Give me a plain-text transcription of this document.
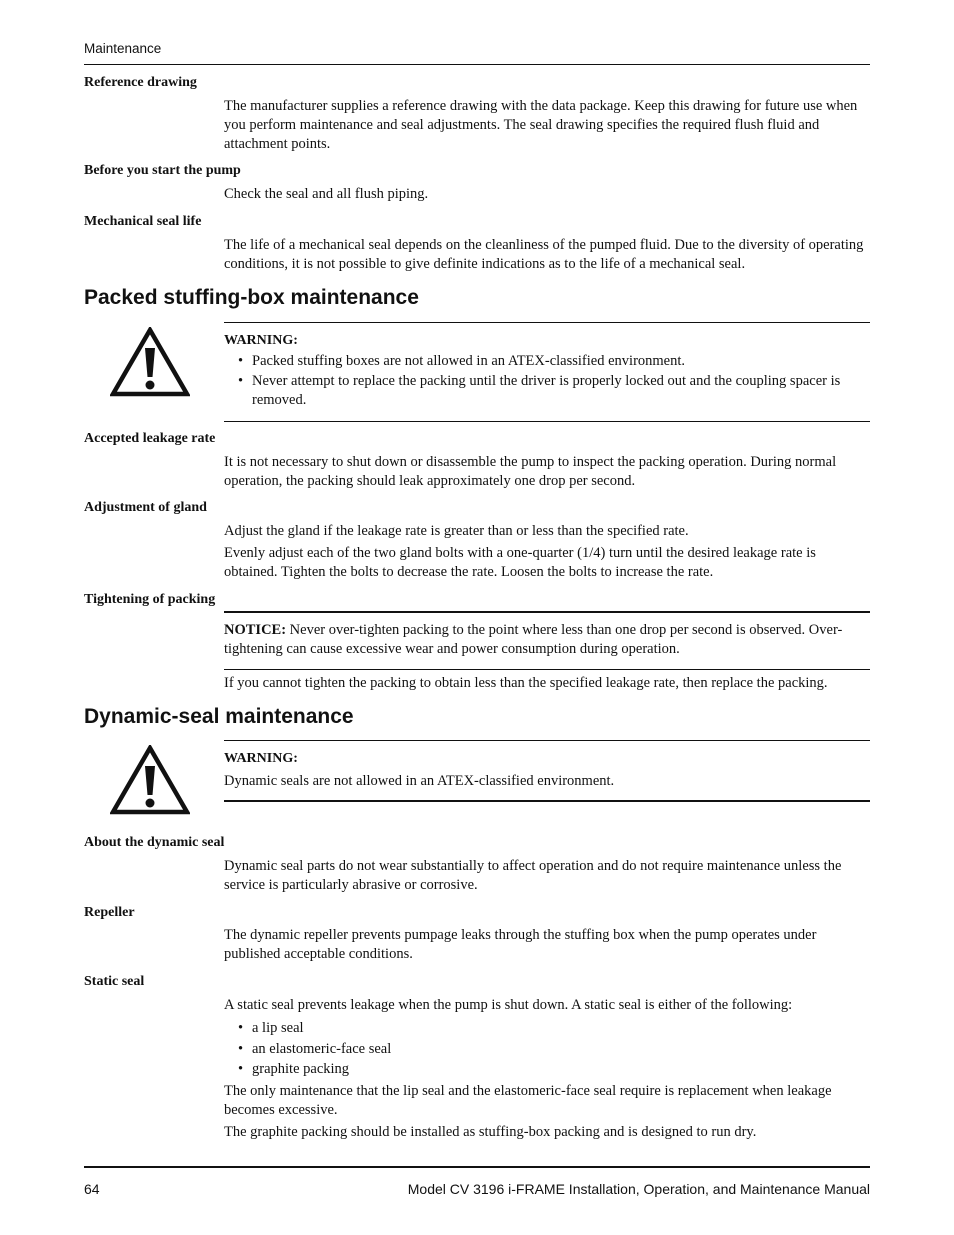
Maintenance
Reference drawing
The manufacturer supplies a reference drawing with the data package. Keep this drawing for future use when you perform maintenance and seal adjustments. The seal drawing specifies the required flush fluid and attachment points.
Before you start the pump
Check the seal and all flush piping.
Mechanical seal life
The life of a mechanical seal depends on the cleanliness of the pumped fluid. Due to the diversity of operating conditions, it is not possible to give definite indications as to the life of a mechanical seal.
Packed stuffing-box maintenance
WARNING:
• Packed stuffing boxes are not allowed in an ATEX-classified environment.
• Never attempt to replace the packing until the driver is properly locked out and the coupling spacer is removed.
Accepted leakage rate
It is not necessary to shut down or disassemble the pump to inspect the packing operation. During normal operation, the packing should leak approximately one drop per second.
Adjustment of gland
Adjust the gland if the leakage rate is greater than or less than the specified rate.
Evenly adjust each of the two gland bolts with a one-quarter (1/4) turn until the desired leakage rate is obtained. Tighten the bolts to decrease the rate. Loosen the bolts to increase the rate.
Tightening of packing
NOTICE: Never over-tighten packing to the point where less than one drop per second is observed. Over-tightening can cause excessive wear and power consumption during operation.
If you cannot tighten the packing to obtain less than the specified leakage rate, then replace the packing.
Dynamic-seal maintenance
WARNING:
Dynamic seals are not allowed in an ATEX-classified environment.
About the dynamic seal
Dynamic seal parts do not wear substantially to affect operation and do not require maintenance unless the service is particularly abrasive or corrosive.
Repeller
The dynamic repeller prevents pumpage leaks through the stuffing box when the pump operates under published acceptable conditions.
Static seal
A static seal prevents leakage when the pump is shut down. A static seal is either of the following:
• a lip seal
• an elastomeric-face seal
• graphite packing
The only maintenance that the lip seal and the elastomeric-face seal require is replacement when leakage becomes excessive.
The graphite packing should be installed as stuffing-box packing and is designed to run dry.
64	Model CV 3196 i-FRAME Installation, Operation, and Maintenance Manual
